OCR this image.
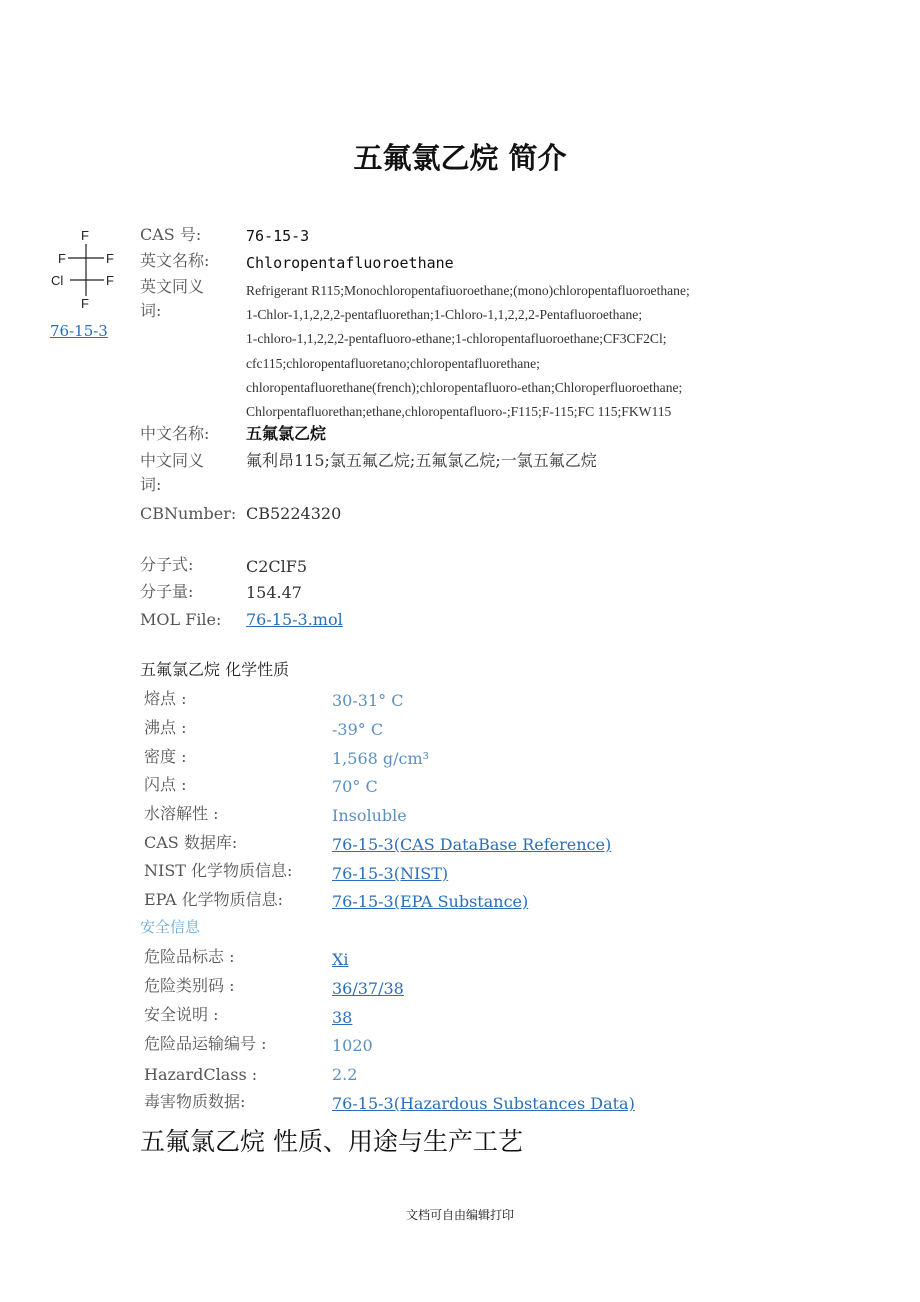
五氟氯乙烷 简介
F
F	F
Cl	F
F
76-15-3
CAS 号:	76-15-3
英文名称: Chloropentafluoroethane
英文同义
词:
Refrigerant R115;Monochloropentafiuoroethane;(mono)chloropentafluoroethane;
1-Chlor-1,1,2,2,2-pentafluorethan;1-Chloro-1,1,2,2,2-Pentafluoroethane;
1-chloro-1,1,2,2,2-pentafluoro-ethane;1-chloropentafluoroethane;CF3CF2Cl;
cfc115;chloropentafluoretano;chloropentafluorethane;
chloropentafluorethane(french);chloropentafluoro-ethan;Chloroperfluoroethane;
Chlorpentafluorethan;ethane,chloropentafluoro-;F115;F-115;FC 115;FKW115
中文名称: 五氟氯乙烷
中文同义
词:
氟利昂115;氯五氟乙烷;五氟氯乙烷;一氯五氟乙烷
CBNumber: CB5224320
分子式:	C2ClF5
分子量:	154.47
MOL File: 76-15-3.mol
五氟氯乙烷 化学性质
熔点 :	30-31° C
沸点 :	-39° C
密度 :	1,568 g/cm³
闪点 :	70° C
水溶解性 :	Insoluble
CAS 数据库:	76-15-3(CAS DataBase Reference)
NIST 化学物质信息: 76-15-3(NIST)
EPA 化学物质信息:	76-15-3(EPA Substance)
安全信息
危险品标志 :	Xi
危险类别码 :	36/37/38
安全说明 :	38
危险品运输编号 :	1020
HazardClass :	2.2
毒害物质数据:	76-15-3(Hazardous Substances Data)
五氟氯乙烷 性质、用途与生产工艺
文档可自由编辑打印
